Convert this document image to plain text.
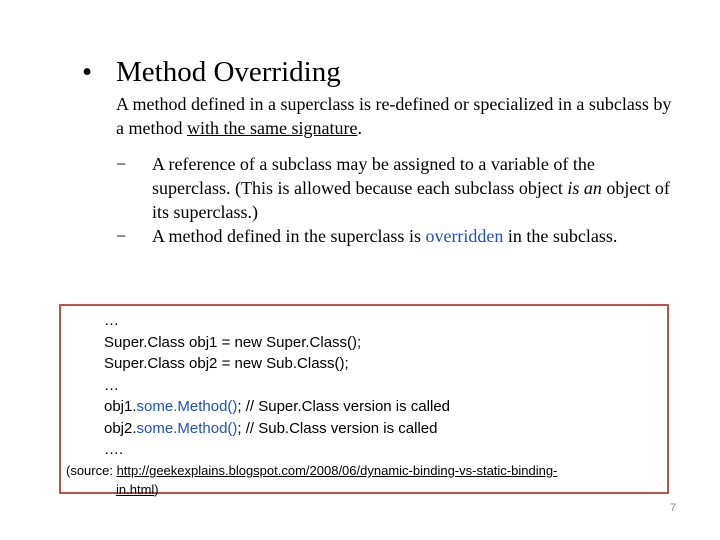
• Method Overriding
A method defined in a superclass is re-defined or specialized in a subclass by a method with the same signature.
− A reference of a subclass may be assigned to a variable of the superclass. (This is allowed because each subclass object is an object of its superclass.)
− A method defined in the superclass is overridden in the subclass.
…
Super.Class obj1 = new Super.Class();
Super.Class obj2 = new Sub.Class();
…
obj1.some.Method(); // Super.Class version is called
obj2.some.Method(); // Sub.Class version is called
….
(source: http://geekexplains.blogspot.com/2008/06/dynamic-binding-vs-static-binding-
in.html)
7
